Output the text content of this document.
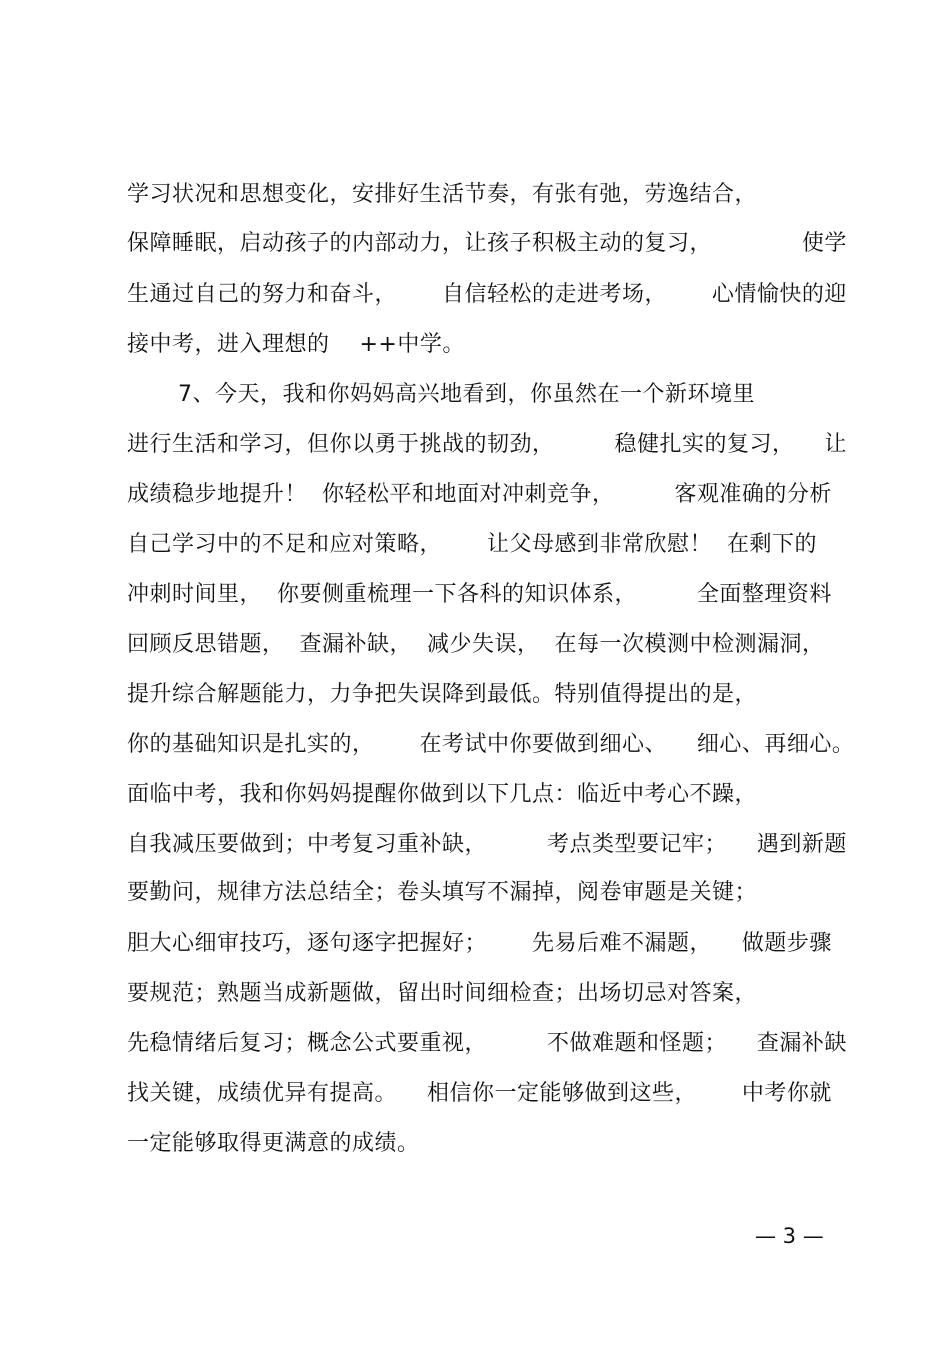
学习状况和思想变化，安排好生活节奏，有张有弛，劳逸结合，
保障睡眠，启动孩子的内部动力，让孩子积极主动的复习，            使学
生通过自己的努力和奋斗，      自信轻松的走进考场，      心情愉快的迎
接中考，进入理想的    ++中学。
7、今天，我和你妈妈高兴地看到，你虽然在一个新环境里
进行生活和学习，但你以勇于挑战的韧劲，        稳健扎实的复习，    让
成绩稳步地提升！  你轻松平和地面对冲刺竞争，        客观准确的分析
自己学习中的不足和应对策略，      让父母感到非常欣慰！  在剩下的
冲刺时间里，  你要侧重梳理一下各科的知识体系，        全面整理资料
回顾反思错题，  查漏补缺，  减少失误，  在每一次模测中检测漏洞，
提升综合解题能力，力争把失误降到最低。特别值得提出的是，
你的基础知识是扎实的，      在考试中你要做到细心、    细心、再细心。
面临中考，我和你妈妈提醒你做到以下几点：临近中考心不躁，
自我减压要做到；中考复习重补缺，        考点类型要记牢；    遇到新题
要勤问，规律方法总结全；卷头填写不漏掉，阅卷审题是关键；
胆大心细审技巧，逐句逐字把握好；      先易后难不漏题，    做题步骤
要规范；熟题当成新题做，留出时间细检查；出场切忌对答案，
先稳情绪后复习；概念公式要重视，        不做难题和怪题；    查漏补缺
找关键，成绩优异有提高。    相信你一定能够做到这些，      中考你就
一定能够取得更满意的成绩。
— 3 —
